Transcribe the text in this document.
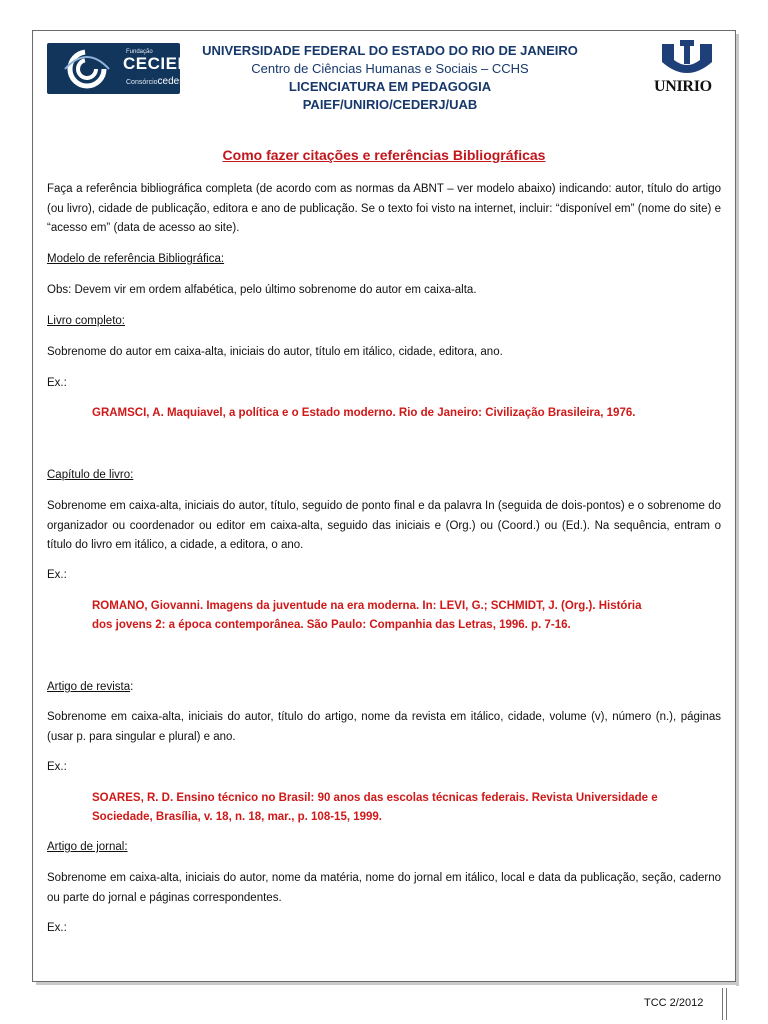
Fundação
CECIERJ
Consórciocederj
UNIVERSIDADE FEDERAL DO ESTADO DO RIO DE JANEIRO
Centro de Ciências Humanas e Sociais – CCHS
LICENCIATURA EM PEDAGOGIA
PAIEF/UNIRIO/CEDERJ/UAB
UNIRIO
Como fazer citações e referências Bibliográficas
Faça a referência bibliográfica completa (de acordo com as normas da ABNT – ver modelo abaixo) indicando: autor, título do artigo (ou livro), cidade de publicação, editora e ano de publicação. Se o texto foi visto na internet, incluir: “disponível em” (nome do site) e “acesso em” (data de acesso ao site).
Modelo de referência Bibliográfica:
Obs: Devem vir em ordem alfabética, pelo último sobrenome do autor em caixa-alta.
Livro completo:
Sobrenome do autor em caixa-alta, iniciais do autor, título em itálico, cidade, editora, ano.
Ex.:
GRAMSCI, A. Maquiavel, a política e o Estado moderno. Rio de Janeiro: Civilização Brasileira, 1976.
Capítulo de livro:
Sobrenome em caixa-alta, iniciais do autor, título, seguido de ponto final e da palavra In (seguida de dois-pontos) e o sobrenome do organizador ou coordenador ou editor em caixa-alta, seguido das iniciais e (Org.) ou (Coord.) ou (Ed.). Na sequência, entram o título do livro em itálico, a cidade, a editora, o ano.
Ex.:
ROMANO, Giovanni. Imagens da juventude na era moderna. In: LEVI, G.; SCHMIDT, J. (Org.). História
dos jovens 2: a época contemporânea. São Paulo: Companhia das Letras, 1996. p. 7-16.
Artigo de revista:
Sobrenome em caixa-alta, iniciais do autor, título do artigo, nome da revista em itálico, cidade, volume (v), número (n.), páginas (usar p. para singular e plural) e ano.
Ex.:
SOARES, R. D. Ensino técnico no Brasil: 90 anos das escolas técnicas federais. Revista Universidade e
Sociedade, Brasília, v. 18, n. 18, mar., p. 108-15, 1999.
Artigo de jornal:
Sobrenome em caixa-alta, iniciais do autor, nome da matéria, nome do jornal em itálico, local e data da publicação, seção, caderno ou parte do jornal e páginas correspondentes.
Ex.:
TCC 2/2012
